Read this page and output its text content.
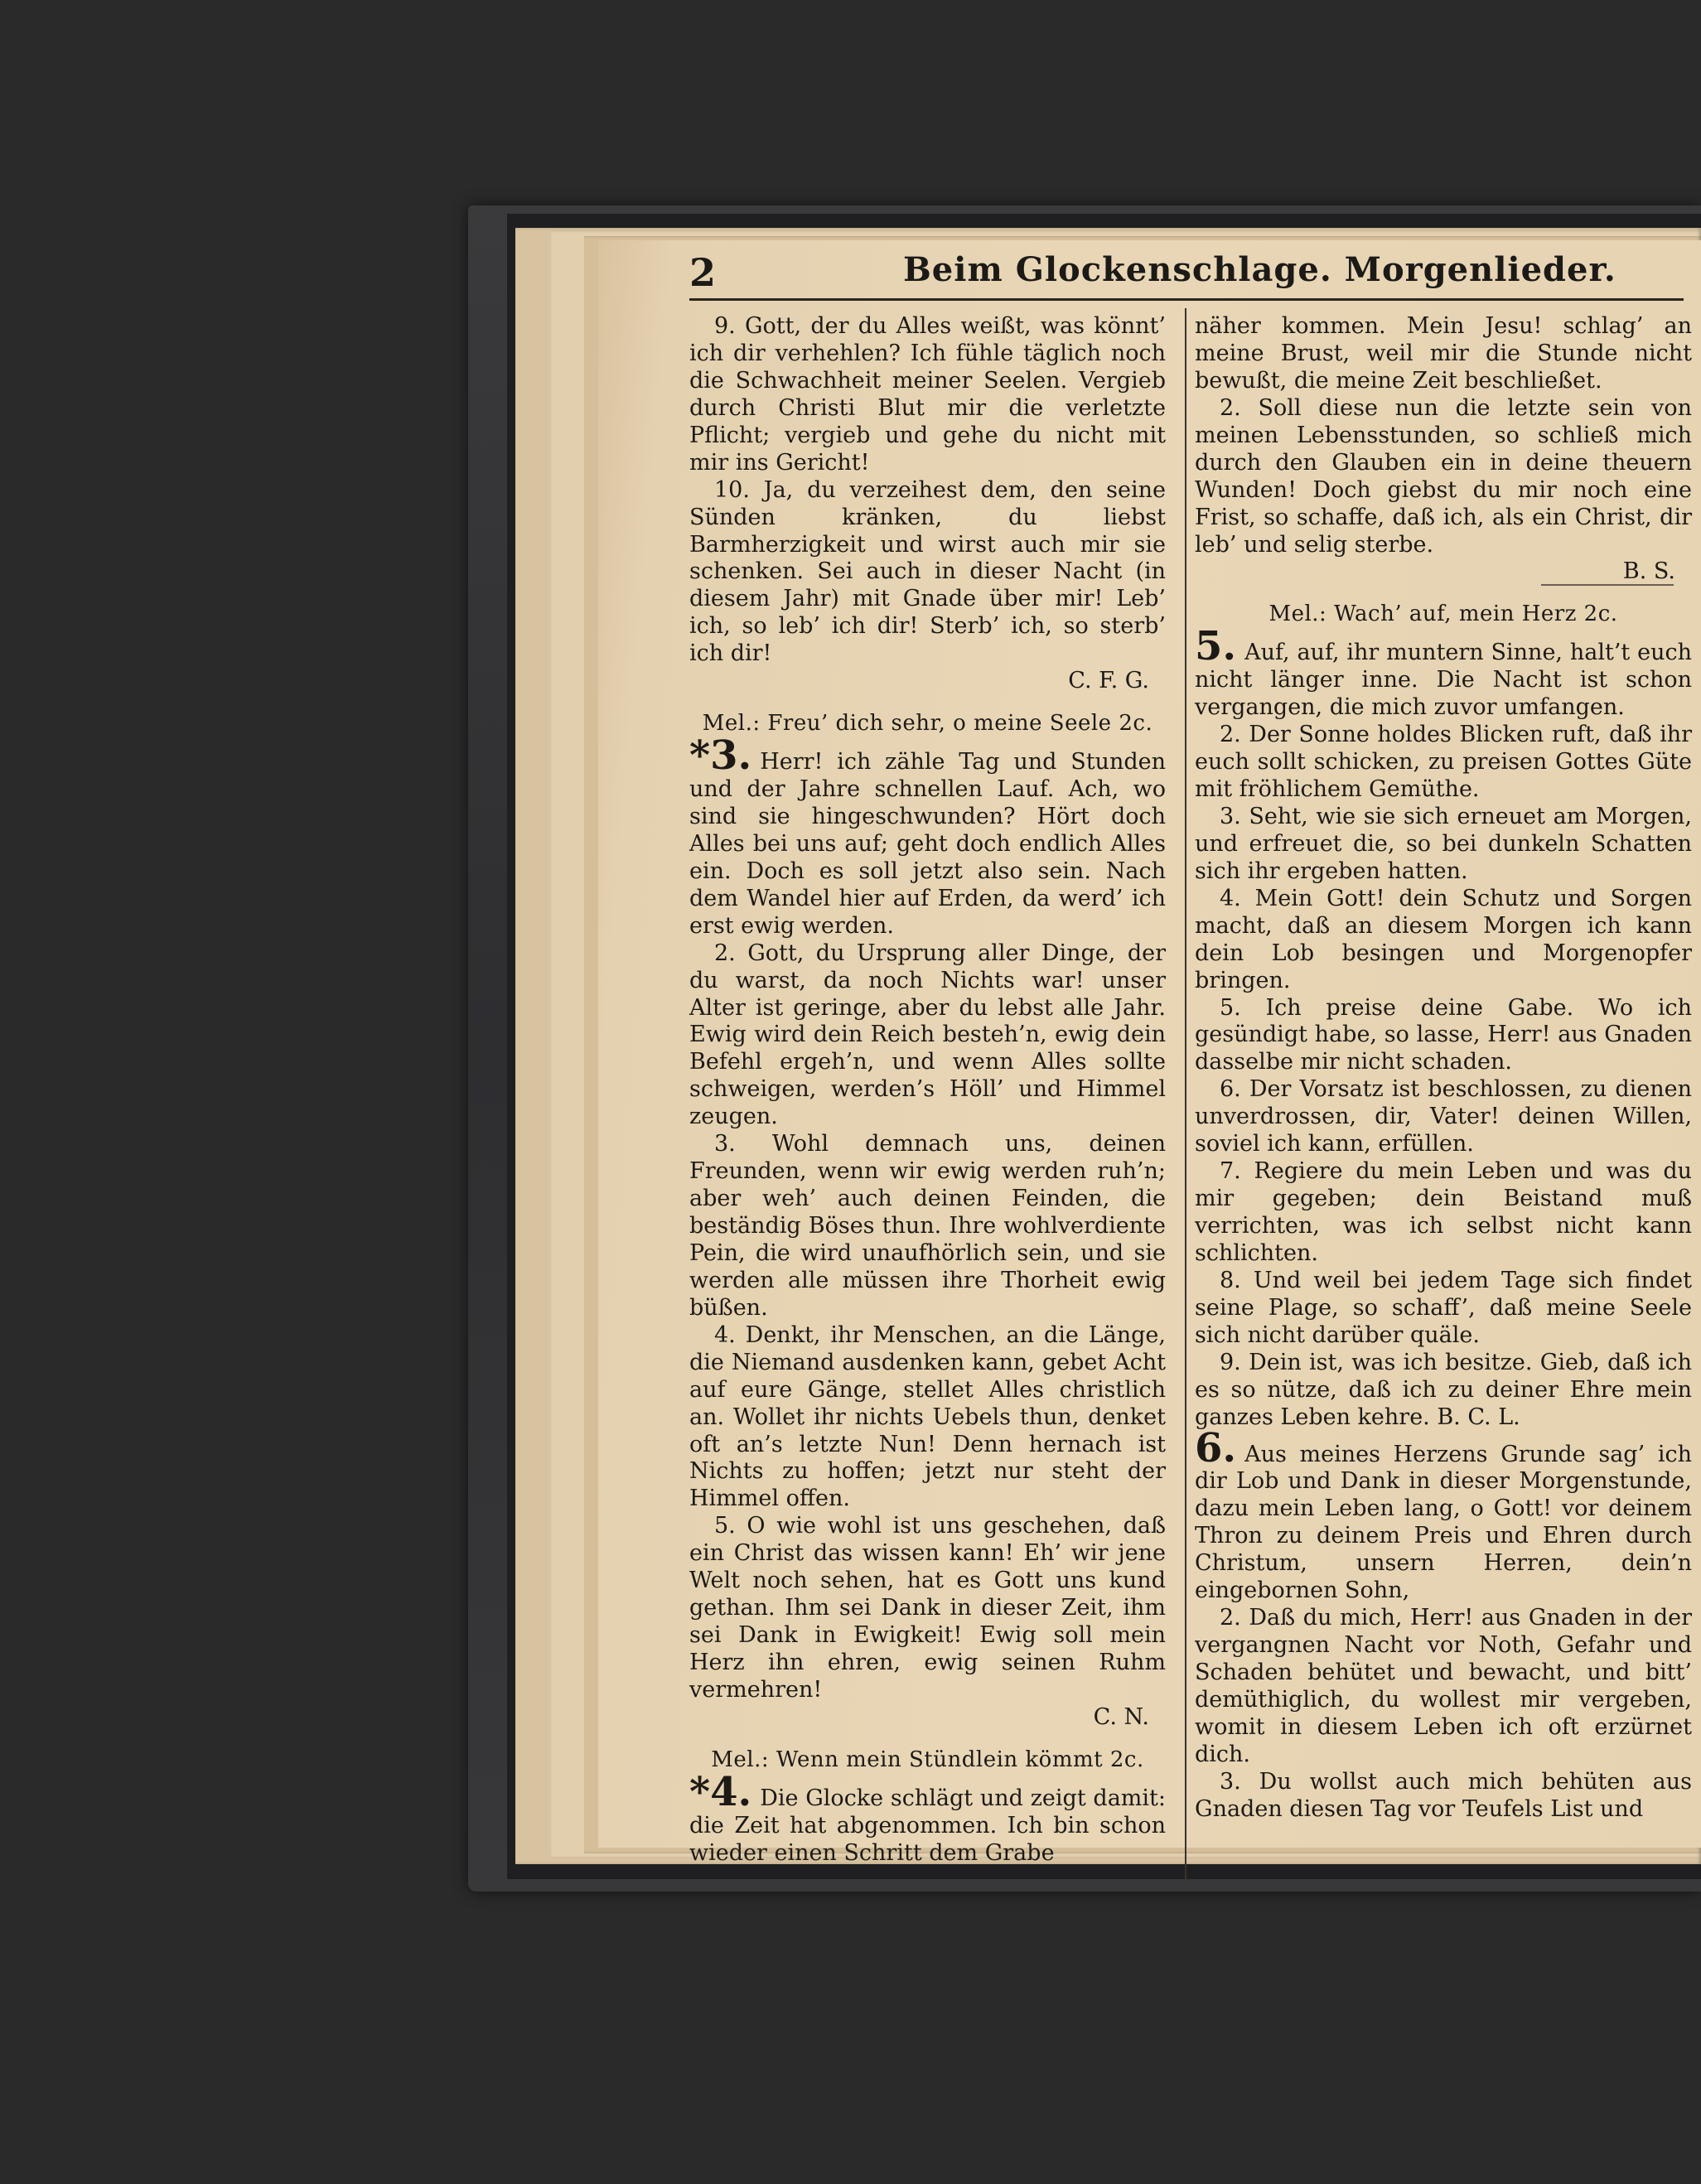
2	Beim Glockenschlage. Morgenlieder.

9. Gott, der du Alles weißt, was könnt’ ich dir verhehlen? Ich fühle täglich noch die Schwachheit meiner Seelen. Vergieb durch Christi Blut mir die verletzte Pflicht; vergieb und gehe du nicht mit mir ins Gericht!

10. Ja, du verzeihest dem, den seine Sünden kränken, du liebst Barmherzigkeit und wirst auch mir sie schenken. Sei auch in dieser Nacht (in diesem Jahr) mit Gnade über mir! Leb’ ich, so leb’ ich dir! Sterb’ ich, so sterb’ ich dir!

C. F. G.

Mel.: Freu’ dich sehr, o meine Seele 2c.

*3. Herr! ich zähle Tag und Stunden und der Jahre schnellen Lauf. Ach, wo sind sie hingeschwunden? Hört doch Alles bei uns auf; geht doch endlich Alles ein. Doch es soll jetzt also sein. Nach dem Wandel hier auf Erden, da werd’ ich erst ewig werden.

2. Gott, du Ursprung aller Dinge, der du warst, da noch Nichts war! unser Alter ist geringe, aber du lebst alle Jahr. Ewig wird dein Reich besteh’n, ewig dein Befehl ergeh’n, und wenn Alles sollte schweigen, werden’s Höll’ und Himmel zeugen.

3. Wohl demnach uns, deinen Freunden, wenn wir ewig werden ruh’n; aber weh’ auch deinen Feinden, die beständig Böses thun. Ihre wohlverdiente Pein, die wird unaufhörlich sein, und sie werden alle müssen ihre Thorheit ewig büßen.

4. Denkt, ihr Menschen, an die Länge, die Niemand ausdenken kann, gebet Acht auf eure Gänge, stellet Alles christlich an. Wollet ihr nichts Uebels thun, denket oft an’s letzte Nun! Denn hernach ist Nichts zu hoffen; jetzt nur steht der Himmel offen.

5. O wie wohl ist uns geschehen, daß ein Christ das wissen kann! Eh’ wir jene Welt noch sehen, hat es Gott uns kund gethan. Ihm sei Dank in dieser Zeit, ihm sei Dank in Ewigkeit! Ewig soll mein Herz ihn ehren, ewig seinen Ruhm vermehren!

C. N.

Mel.: Wenn mein Stündlein kömmt 2c.

*4. Die Glocke schlägt und zeigt damit: die Zeit hat abgenommen. Ich bin schon wieder einen Schritt dem Grabe

näher kommen. Mein Jesu! schlag’ an meine Brust, weil mir die Stunde nicht bewußt, die meine Zeit beschließet.

2. Soll diese nun die letzte sein von meinen Lebensstunden, so schließ mich durch den Glauben ein in deine theuern Wunden! Doch giebst du mir noch eine Frist, so schaffe, daß ich, als ein Christ, dir leb’ und selig sterbe.

B. S.

Mel.: Wach’ auf, mein Herz 2c.

5. Auf, auf, ihr muntern Sinne, halt’t euch nicht länger inne. Die Nacht ist schon vergangen, die mich zuvor umfangen.

2. Der Sonne holdes Blicken ruft, daß ihr euch sollt schicken, zu preisen Gottes Güte mit fröhlichem Gemüthe.

3. Seht, wie sie sich erneuet am Morgen, und erfreuet die, so bei dunkeln Schatten sich ihr ergeben hatten.

4. Mein Gott! dein Schutz und Sorgen macht, daß an diesem Morgen ich kann dein Lob besingen und Morgenopfer bringen.

5. Ich preise deine Gabe. Wo ich gesündigt habe, so lasse, Herr! aus Gnaden dasselbe mir nicht schaden.

6. Der Vorsatz ist beschlossen, zu dienen unverdrossen, dir, Vater! deinen Willen, soviel ich kann, erfüllen.

7. Regiere du mein Leben und was du mir gegeben; dein Beistand muß verrichten, was ich selbst nicht kann schlichten.

8. Und weil bei jedem Tage sich findet seine Plage, so schaff’, daß meine Seele sich nicht darüber quäle.

9. Dein ist, was ich besitze. Gieb, daß ich es so nütze, daß ich zu deiner Ehre mein ganzes Leben kehre. B. C. L.

6. Aus meines Herzens Grunde sag’ ich dir Lob und Dank in dieser Morgenstunde, dazu mein Leben lang, o Gott! vor deinem Thron zu deinem Preis und Ehren durch Christum, unsern Herren, dein’n eingebornen Sohn,

2. Daß du mich, Herr! aus Gnaden in der vergangnen Nacht vor Noth, Gefahr und Schaden behütet und bewacht, und bitt’ demüthiglich, du wollest mir vergeben, womit in diesem Leben ich oft erzürnet dich.

3. Du wollst auch mich behüten aus Gnaden diesen Tag vor Teufels List und
